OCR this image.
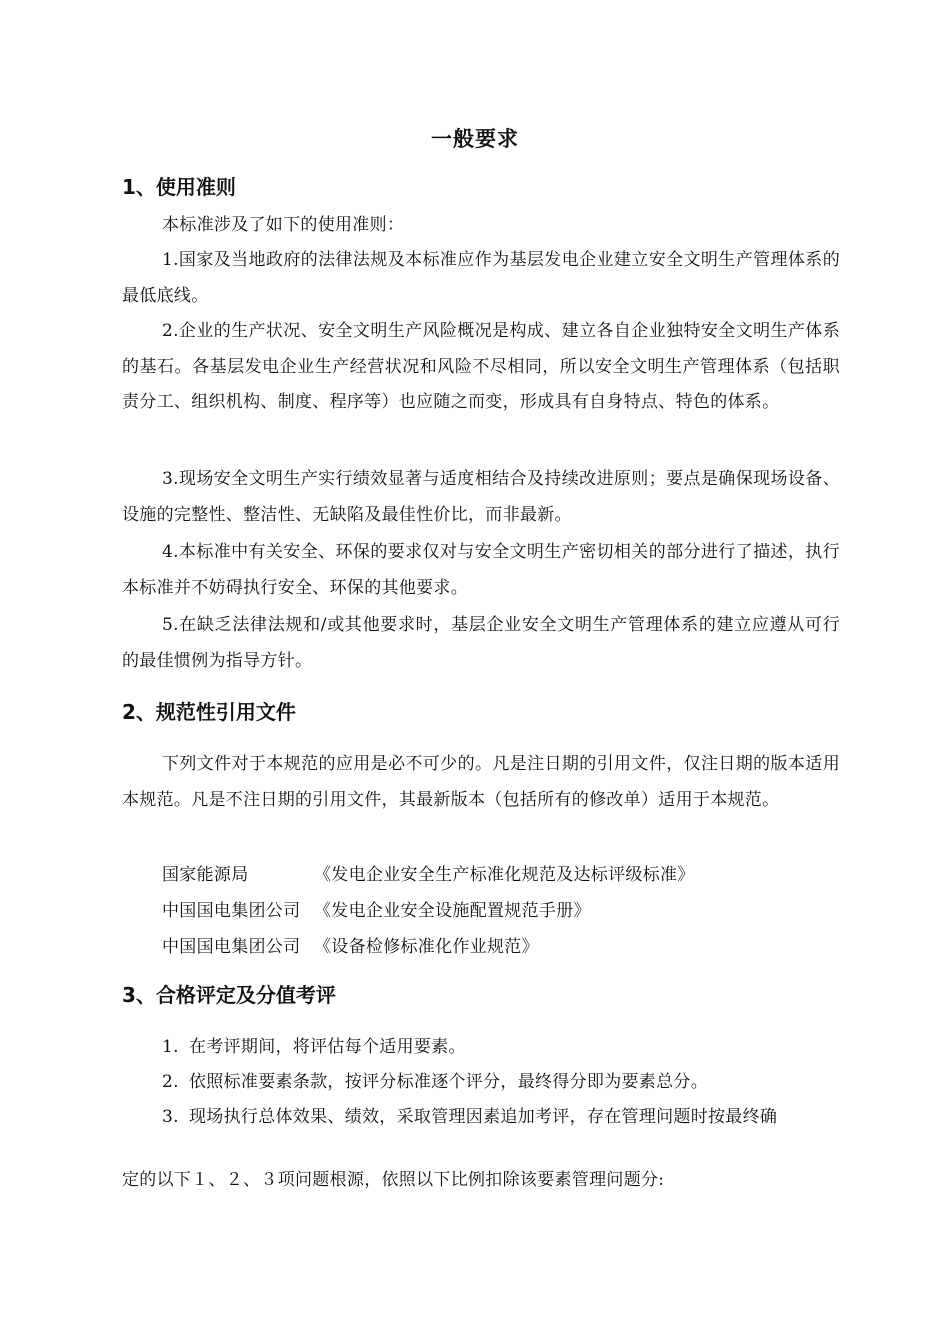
一般要求
1、使用准则
本标准涉及了如下的使用准则：
1.国家及当地政府的法律法规及本标准应作为基层发电企业建立安全文明生产管理体系的最低底线。
2.企业的生产状况、安全文明生产风险概况是构成、建立各自企业独特安全文明生产体系的基石。各基层发电企业生产经营状况和风险不尽相同，所以安全文明生产管理体系（包括职责分工、组织机构、制度、程序等）也应随之而变，形成具有自身特点、特色的体系。
3.现场安全文明生产实行绩效显著与适度相结合及持续改进原则；要点是确保现场设备、设施的完整性、整洁性、无缺陷及最佳性价比，而非最新。
4.本标准中有关安全、环保的要求仅对与安全文明生产密切相关的部分进行了描述，执行本标准并不妨碍执行安全、环保的其他要求。
5.在缺乏法律法规和/或其他要求时，基层企业安全文明生产管理体系的建立应遵从可行的最佳惯例为指导方针。
2、规范性引用文件
下列文件对于本规范的应用是必不可少的。凡是注日期的引用文件，仅注日期的版本适用本规范。凡是不注日期的引用文件，其最新版本（包括所有的修改单）适用于本规范。
国家能源局	《发电企业安全生产标准化规范及达标评级标准》
中国国电集团公司 《发电企业安全设施配置规范手册》
中国国电集团公司 《设备检修标准化作业规范》
3、合格评定及分值考评
1. 在考评期间，将评估每个适用要素。
2. 依照标准要素条款，按评分标准逐个评分，最终得分即为要素总分。
3. 现场执行总体效果、绩效，采取管理因素追加考评，存在管理问题时按最终确
定的以下１、２、３项问题根源，依照以下比例扣除该要素管理问题分:
